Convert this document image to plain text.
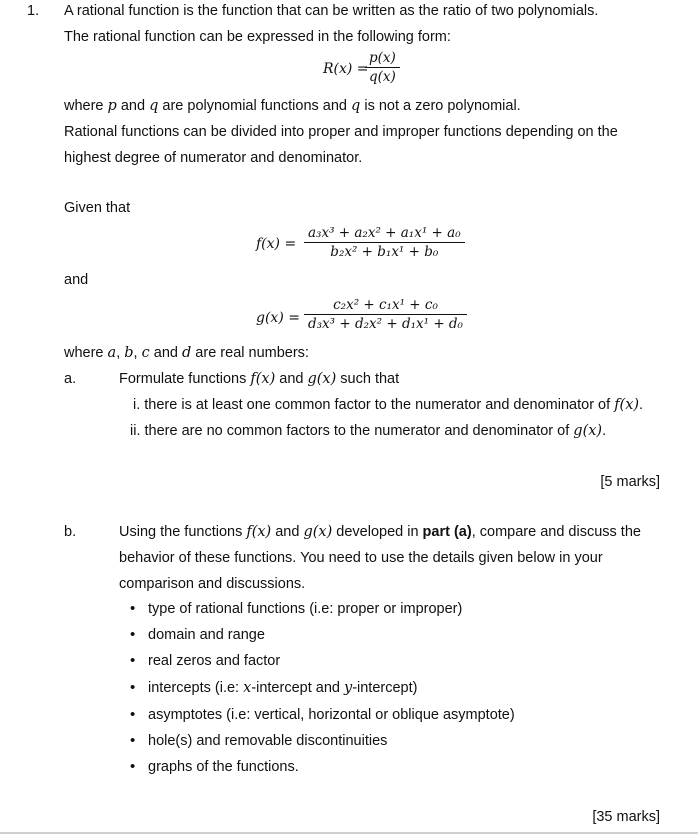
1. A rational function is the function that can be written as the ratio of two polynomials.
The rational function can be expressed in the following form:
R(x) =
$\frac{p(x)}{q(x)}$
where p and q are polynomial functions and q is not a zero polynomial.
Rational functions can be divided into proper and improper functions depending on the
highest degree of numerator and denominator.
Given that
$f(x) = \frac{\text{a₃x³ + a₂x² + a₁x¹ + a₀}}{\text{b₂x² + b₁x¹ + b₀}}$
and
$g(x) = \frac{\text{c₂x² + c₁x¹ + c₀}}{\text{d₃x³ + d₂x² + d₁x¹ + d₀}}$
where a, b, c and d are real numbers:
a.	Formulate functions f(x) and g(x) such that
i. there is at least one common factor to the numerator and denominator of f(x).
ii. there are no common factors to the numerator and denominator of g(x).
[5 marks]
b.	Using the functions f(x) and g(x) developed in part (a), compare and discuss the
behavior of these functions. You need to use the details given below in your
comparison and discussions.
• type of rational functions (i.e: proper or improper)
• domain and range
• real zeros and factor
• intercepts (i.e: x-intercept and y-intercept)
• asymptotes (i.e: vertical, horizontal or oblique asymptote)
• hole(s) and removable discontinuities
• graphs of the functions.
[35 marks]
